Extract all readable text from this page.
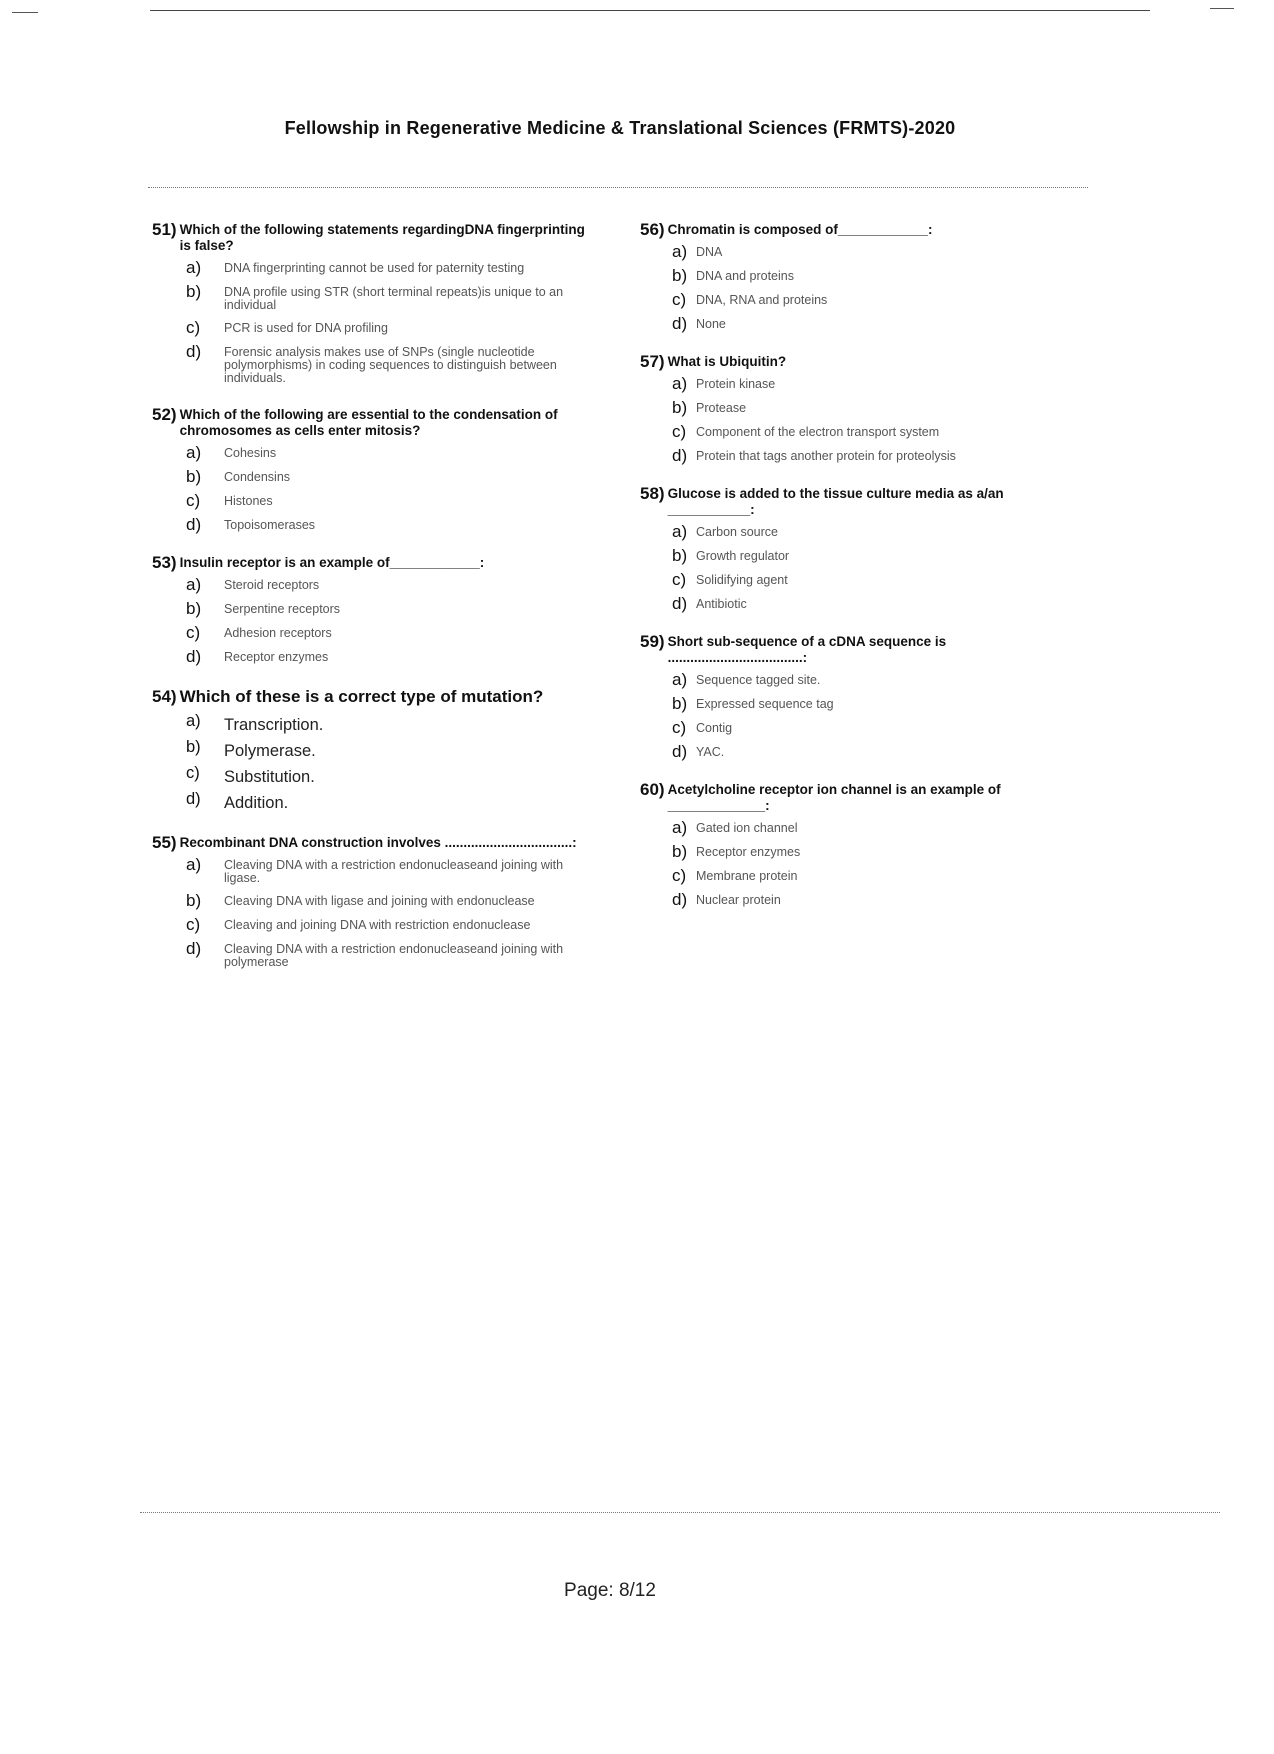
Fellowship in Regenerative Medicine & Translational Sciences (FRMTS)-2020
51) Which of the following statements regardingDNA fingerprinting is false?
a)	DNA fingerprinting cannot be used for paternity testing
b)	DNA profile using STR (short terminal repeats)is unique to an individual
c)	PCR is used for DNA profiling
d)	Forensic analysis makes use of SNPs (single nucleotide polymorphisms) in coding sequences to distinguish between individuals.
52) Which of the following are essential to the condensation of chromosomes as cells enter mitosis?
a)	Cohesins
b)	Condensins
c)	Histones
d)	Topoisomerases
53) Insulin receptor is an example of____________:
a)	Steroid receptors
b)	Serpentine receptors
c)	Adhesion receptors
d)	Receptor enzymes
54) Which of these is a correct type of mutation?
a)	Transcription.
b)	Polymerase.
c)	Substitution.
d)	Addition.
55) Recombinant DNA construction involves ..................................:
a)	Cleaving DNA with a restriction endonucleaseand joining with ligase.
b)	Cleaving DNA with ligase and joining with endonuclease
c)	Cleaving and joining DNA with restriction endonuclease
d)	Cleaving DNA with a restriction endonucleaseand joining with polymerase
56) Chromatin is composed of____________:
a) DNA
b) DNA and proteins
c) DNA, RNA and proteins
d) None
57) What is Ubiquitin?
a) Protein kinase
b) Protease
c) Component of the electron transport system
d) Protein that tags another protein for proteolysis
58) Glucose is added to the tissue culture media as a/an ___________:
a) Carbon source
b) Growth regulator
c) Solidifying agent
d) Antibiotic
59) Short sub-sequence of a cDNA sequence is ....................................:
a) Sequence tagged site.
b) Expressed sequence tag
c) Contig
d) YAC.
60) Acetylcholine receptor ion channel is an example of _____________:
a) Gated ion channel
b) Receptor enzymes
c) Membrane protein
d) Nuclear protein
Page: 8/12
